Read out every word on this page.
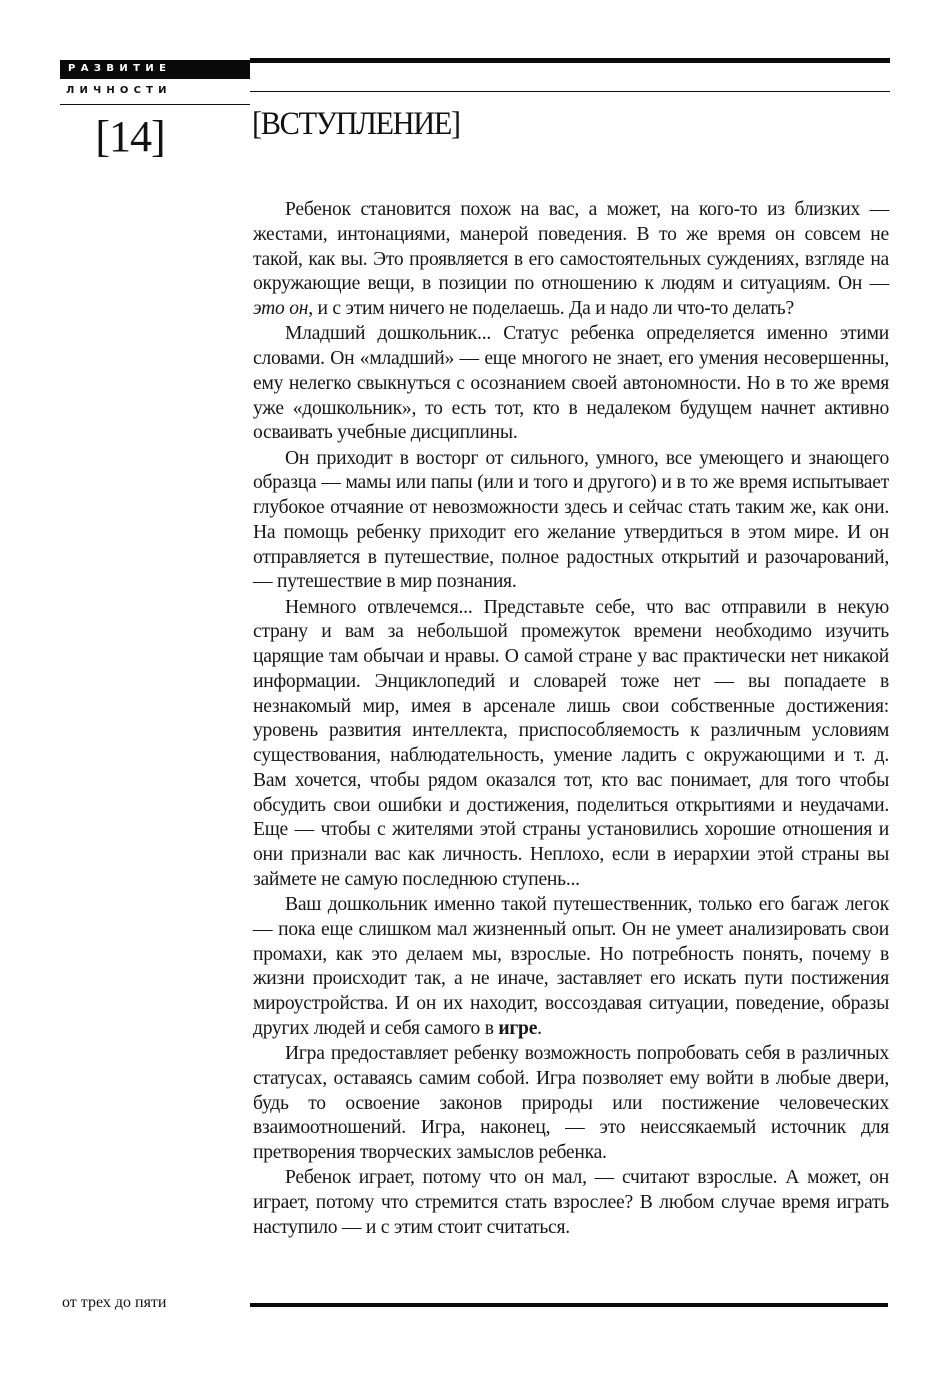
РАЗВИТИЕ
ЛИЧНОСТИ
[14]	[ВСТУПЛЕНИЕ]

Ребенок становится похож на вас, а может, на кого-то из близких — жестами, интонациями, манерой поведения. В то же время он совсем не такой, как вы. Это проявляется в его самостоятельных суждениях, взгляде на окружающие вещи, в позиции по отношению к людям и ситуациям. Он — это он, и с этим ничего не поделаешь. Да и надо ли что-то делать?

Младший дошкольник... Статус ребенка определяется именно этими словами. Он «младший» — еще многого не знает, его умения несовершенны, ему нелегко свыкнуться с осознанием своей автономности. Но в то же время уже «дошкольник», то есть тот, кто в недалеком будущем начнет активно осваивать учебные дисциплины.

Он приходит в восторг от сильного, умного, все умеющего и знающего образца — мамы или папы (или и того и другого) и в то же время испытывает глубокое отчаяние от невозможности здесь и сейчас стать таким же, как они. На помощь ребенку приходит его желание утвердиться в этом мире. И он отправляется в путешествие, полное радостных открытий и разочарований, — путешествие в мир познания.

Немного отвлечемся... Представьте себе, что вас отправили в некую страну и вам за небольшой промежуток времени необходимо изучить царящие там обычаи и нравы. О самой стране у вас практически нет никакой информации. Энциклопедий и словарей тоже нет — вы попадаете в незнакомый мир, имея в арсенале лишь свои собственные достижения: уровень развития интеллекта, приспособляемость к различным условиям существования, наблюдательность, умение ладить с окружающими и т. д. Вам хочется, чтобы рядом оказался тот, кто вас понимает, для того чтобы обсудить свои ошибки и достижения, поделиться открытиями и неудачами. Еще — чтобы с жителями этой страны установились хорошие отношения и они признали вас как личность. Неплохо, если в иерархии этой страны вы займете не самую последнюю ступень...

Ваш дошкольник именно такой путешественник, только его багаж легок — пока еще слишком мал жизненный опыт. Он не умеет анализировать свои промахи, как это делаем мы, взрослые. Но потребность понять, почему в жизни происходит так, а не иначе, заставляет его искать пути постижения мироустройства. И он их находит, воссоздавая ситуации, поведение, образы других людей и себя самого в игре.

Игра предоставляет ребенку возможность попробовать себя в различных статусах, оставаясь самим собой. Игра позволяет ему войти в любые двери, будь то освоение законов природы или постижение человеческих взаимоотношений. Игра, наконец, — это неиссякаемый источник для претворения творческих замыслов ребенка.

Ребенок играет, потому что он мал, — считают взрослые. А может, он играет, потому что стремится стать взрослее? В любом случае время играть наступило — и с этим стоит считаться.

от трех до пяти
